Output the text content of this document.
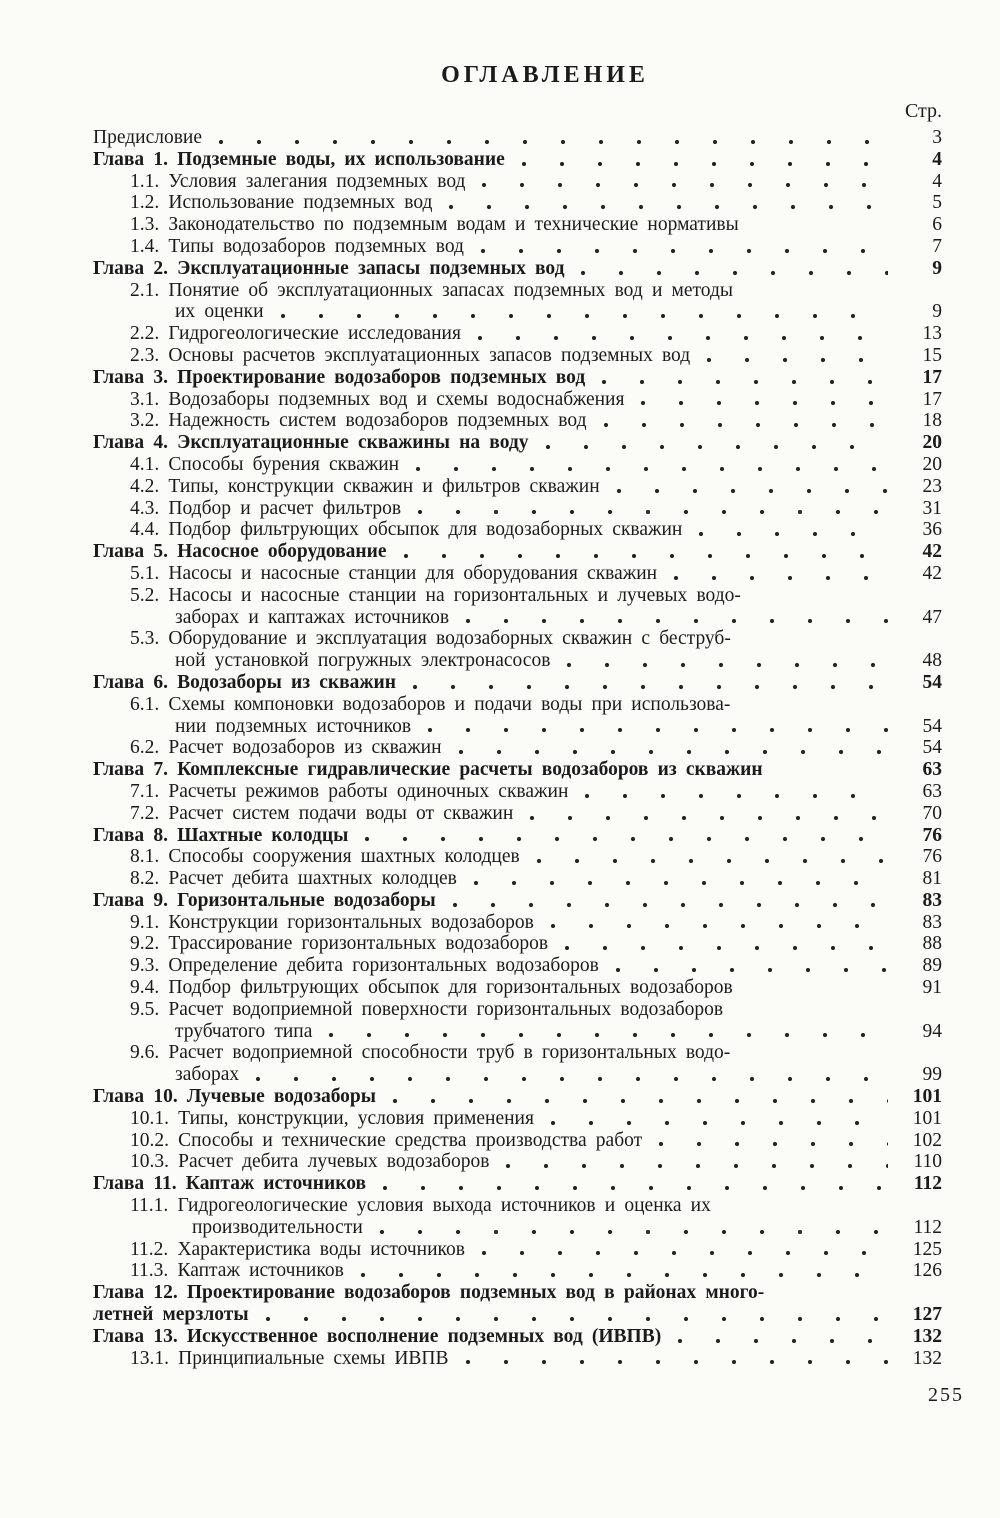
ОГЛАВЛЕНИЕ
Стр.
Предисловие	3
Глава 1. Подземные воды, их использование	4
1.1. Условия залегания подземных вод	4
1.2. Использование подземных вод	5
1.3. Законодательство по подземным водам и технические нормативы	6
1.4. Типы водозаборов подземных вод	7
Глава 2. Эксплуатационные запасы подземных вод	9
2.1. Понятие об эксплуатационных запасах подземных вод и методы
их оценки	9
2.2. Гидрогеологические исследования	13
2.3. Основы расчетов эксплуатационных запасов подземных вод	15
Глава 3. Проектирование водозаборов подземных вод	17
3.1. Водозаборы подземных вод и схемы водоснабжения	17
3.2. Надежность систем водозаборов подземных вод	18
Глава 4. Эксплуатационные скважины на воду	20
4.1. Способы бурения скважин	20
4.2. Типы, конструкции скважин и фильтров скважин	23
4.3. Подбор и расчет фильтров	31
4.4. Подбор фильтрующих обсыпок для водозаборных скважин	36
Глава 5. Насосное оборудование	42
5.1. Насосы и насосные станции для оборудования скважин	42
5.2. Насосы и насосные станции на горизонтальных и лучевых водо-
заборах и каптажах источников	47
5.3. Оборудование и эксплуатация водозаборных скважин с беструб-
ной установкой погружных электронасосов	48
Глава 6. Водозаборы из скважин	54
6.1. Схемы компоновки водозаборов и подачи воды при использова-
нии подземных источников	54
6.2. Расчет водозаборов из скважин	54
Глава 7. Комплексные гидравлические расчеты водозаборов из скважин	63
7.1. Расчеты режимов работы одиночных скважин	63
7.2. Расчет систем подачи воды от скважин	70
Глава 8. Шахтные колодцы	76
8.1. Способы сооружения шахтных колодцев	76
8.2. Расчет дебита шахтных колодцев	81
Глава 9. Горизонтальные водозаборы	83
9.1. Конструкции горизонтальных водозаборов	83
9.2. Трассирование горизонтальных водозаборов	88
9.3. Определение дебита горизонтальных водозаборов	89
9.4. Подбор фильтрующих обсыпок для горизонтальных водозаборов	91
9.5. Расчет водоприемной поверхности горизонтальных водозаборов
трубчатого типа	94
9.6. Расчет водоприемной способности труб в горизонтальных водо-
заборах	99
Глава 10. Лучевые водозаборы	101
10.1. Типы, конструкции, условия применения	101
10.2. Способы и технические средства производства работ	102
10.3. Расчет дебита лучевых водозаборов	110
Глава 11. Каптаж источников	112
11.1. Гидрогеологические условия выхода источников и оценка их
производительности	112
11.2. Характеристика воды источников	125
11.3. Каптаж источников	126
Глава 12. Проектирование водозаборов подземных вод в районах много-
летней мерзлоты	127
Глава 13. Искусственное восполнение подземных вод (ИВПВ)	132
13.1. Принципиальные схемы ИВПВ	132
255
